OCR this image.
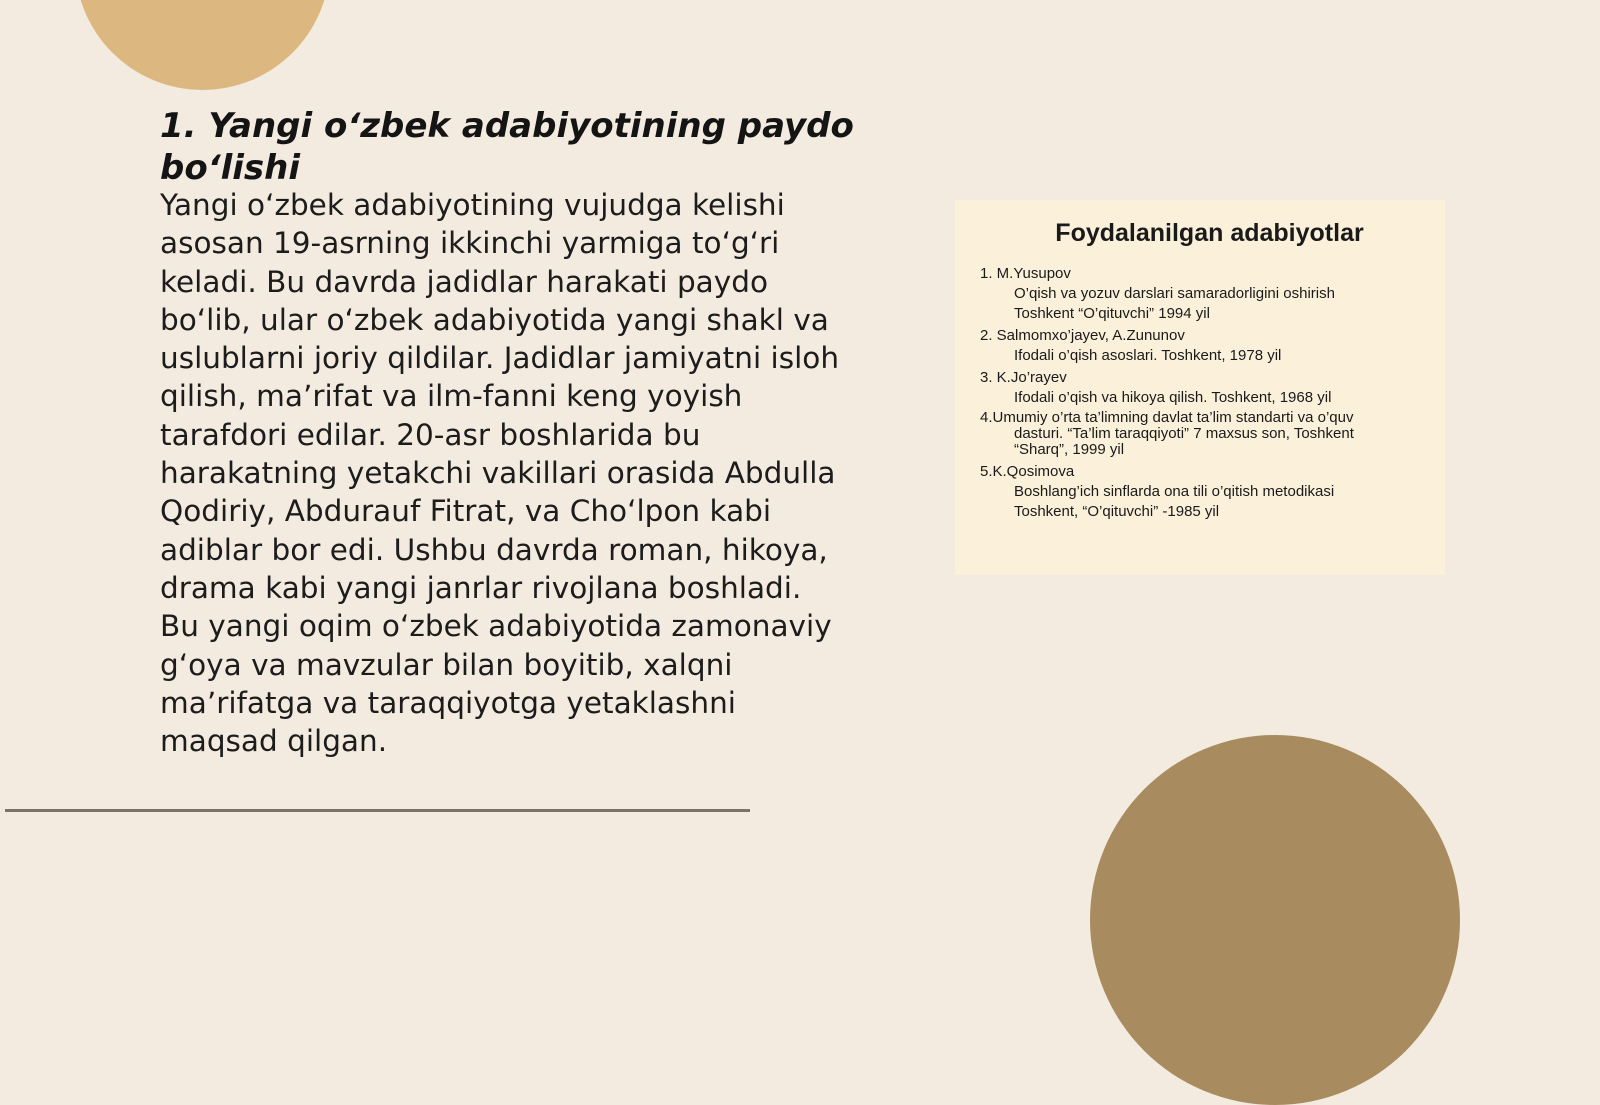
1. Yangi o‘zbek adabiyotining paydo bo‘lishi

Yangi o‘zbek adabiyotining vujudga kelishi asosan 19-asrning ikkinchi yarmiga to‘g‘ri keladi. Bu davrda jadidlar harakati paydo bo‘lib, ular o‘zbek adabiyotida yangi shakl va uslublarni joriy qildilar. Jadidlar jamiyatni isloh qilish, ma’rifat va ilm-fanni keng yoyish tarafdori edilar. 20-asr boshlarida bu harakatning yetakchi vakillari orasida Abdulla Qodiriy, Abdurauf Fitrat, va Cho‘lpon kabi adiblar bor edi. Ushbu davrda roman, hikoya, drama kabi yangi janrlar rivojlana boshladi. Bu yangi oqim o‘zbek adabiyotida zamonaviy g‘oya va mavzular bilan boyitib, xalqni ma’rifatga va taraqqiyotga yetaklashni maqsad qilgan.

Foydalanilgan adabiyotlar
1. M.Yusupov
O’qish va yozuv darslari samaradorligini oshirish
Toshkent “O’qituvchi” 1994 yil
2. Salmomxo’jayev, A.Zununov
Ifodali o’qish asoslari. Toshkent, 1978 yil
3. K.Jo’rayev
Ifodali o’qish va hikoya qilish. Toshkent, 1968 yil
4.Umumiy o’rta ta’limning davlat ta’lim standarti va o’quv
dasturi. “Ta’lim taraqqiyoti” 7 maxsus son, Toshkent
“Sharq”, 1999 yil
5.K.Qosimova
Boshlang’ich sinflarda ona tili o’qitish metodikasi
Toshkent, “O’qituvchi” -1985 yil
